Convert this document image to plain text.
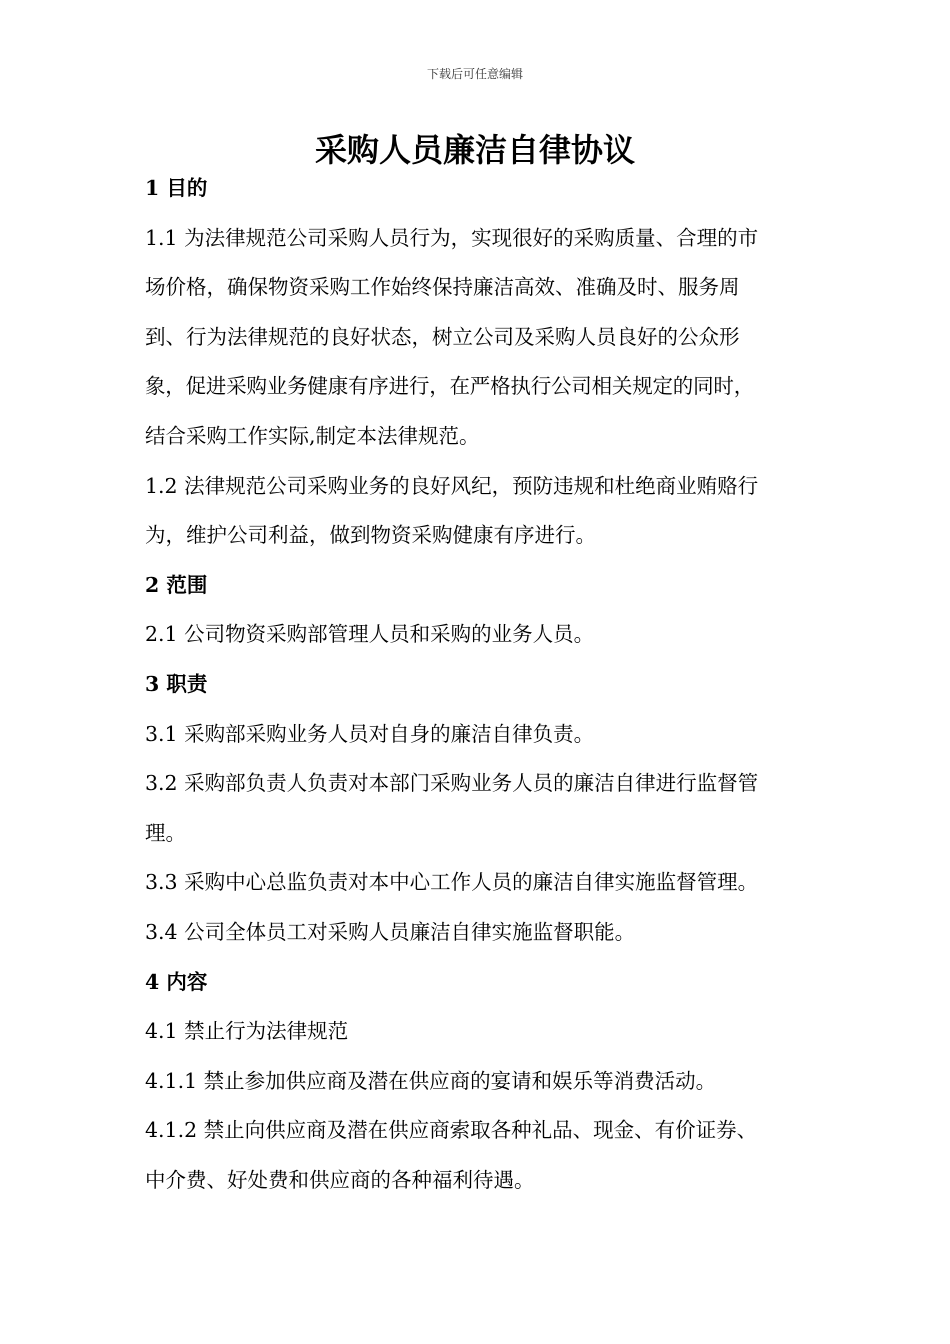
下载后可任意编辑
采购人员廉洁自律协议

1 目的

1.1 为法律规范公司采购人员行为，实现很好的采购质量、合理的市

场价格，确保物资采购工作始终保持廉洁高效、准确及时、服务周

到、行为法律规范的良好状态，树立公司及采购人员良好的公众形

象，促进采购业务健康有序进行，在严格执行公司相关规定的同时，

结合采购工作实际,制定本法律规范。

1.2 法律规范公司采购业务的良好风纪，预防违规和杜绝商业贿赂行

为，维护公司利益，做到物资采购健康有序进行。

2 范围

2.1 公司物资采购部管理人员和采购的业务人员。

3 职责

3.1 采购部采购业务人员对自身的廉洁自律负责。

3.2 采购部负责人负责对本部门采购业务人员的廉洁自律进行监督管

理。

3.3 采购中心总监负责对本中心工作人员的廉洁自律实施监督管理。

3.4 公司全体员工对采购人员廉洁自律实施监督职能。

4 内容

4.1 禁止行为法律规范

4.1.1 禁止参加供应商及潜在供应商的宴请和娱乐等消费活动。

4.1.2 禁止向供应商及潜在供应商索取各种礼品、现金、有价证券、

中介费、好处费和供应商的各种福利待遇。
